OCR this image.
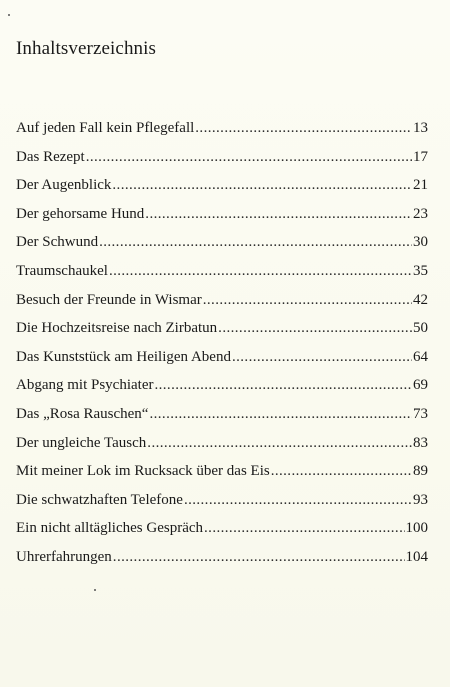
Inhaltsverzeichnis
Auf jeden Fall kein Pflegefall .....	13
Das Rezept .....	17
Der Augenblick .....	21
Der gehorsame Hund .....	23
Der Schwund .....	30
Traumschaukel .....	35
Besuch der Freunde in Wismar .....	42
Die Hochzeitsreise nach Zirbatun .....	50
Das Kunststück am Heiligen Abend .....	64
Abgang mit Psychiater .....	69
Das „Rosa Rauschen“ .....	73
Der ungleiche Tausch .....	83
Mit meiner Lok im Rucksack über das Eis .....	89
Die schwatzhaften Telefone .....	93
Ein nicht alltägliches Gespräch .....	100
Uhrerfahrungen .....	104
